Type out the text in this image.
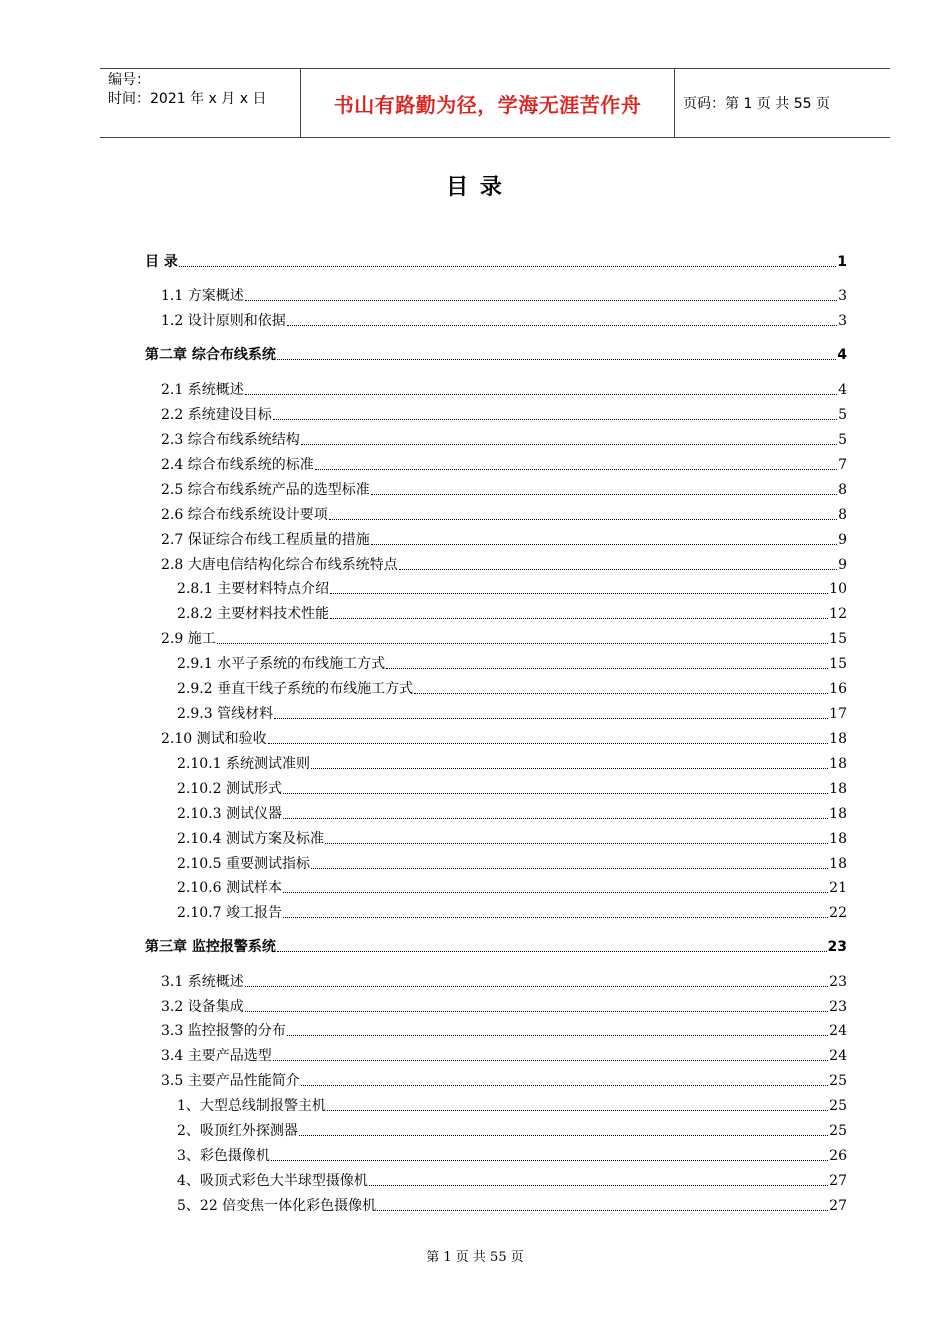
编号：
时间：2021 年 x 月 x 日	书山有路勤为径，学海无涯苦作舟	页码：第 1 页 共 55 页
目 录
目 录	1
1.1 方案概述	3
1.2 设计原则和依据	3
第二章 综合布线系统	4
2.1 系统概述	4
2.2 系统建设目标	5
2.3 综合布线系统结构	5
2.4 综合布线系统的标准	7
2.5 综合布线系统产品的选型标准	8
2.6 综合布线系统设计要项	8
2.7 保证综合布线工程质量的措施	9
2.8 大唐电信结构化综合布线系统特点	9
2.8.1 主要材料特点介绍	10
2.8.2 主要材料技术性能	12
2.9 施工	15
2.9.1 水平子系统的布线施工方式	15
2.9.2 垂直干线子系统的布线施工方式	16
2.9.3 管线材料	17
2.10 测试和验收	18
2.10.1 系统测试准则	18
2.10.2 测试形式	18
2.10.3 测试仪器	18
2.10.4 测试方案及标准	18
2.10.5 重要测试指标	18
2.10.6 测试样本	21
2.10.7 竣工报告	22
第三章 监控报警系统	23
3.1 系统概述	23
3.2 设备集成	23
3.3 监控报警的分布	24
3.4 主要产品选型	24
3.5 主要产品性能简介	25
1、大型总线制报警主机	25
2、吸顶红外探测器	25
3、彩色摄像机	26
4、吸顶式彩色大半球型摄像机	27
5、22 倍变焦一体化彩色摄像机	27
第 1 页 共 55 页
